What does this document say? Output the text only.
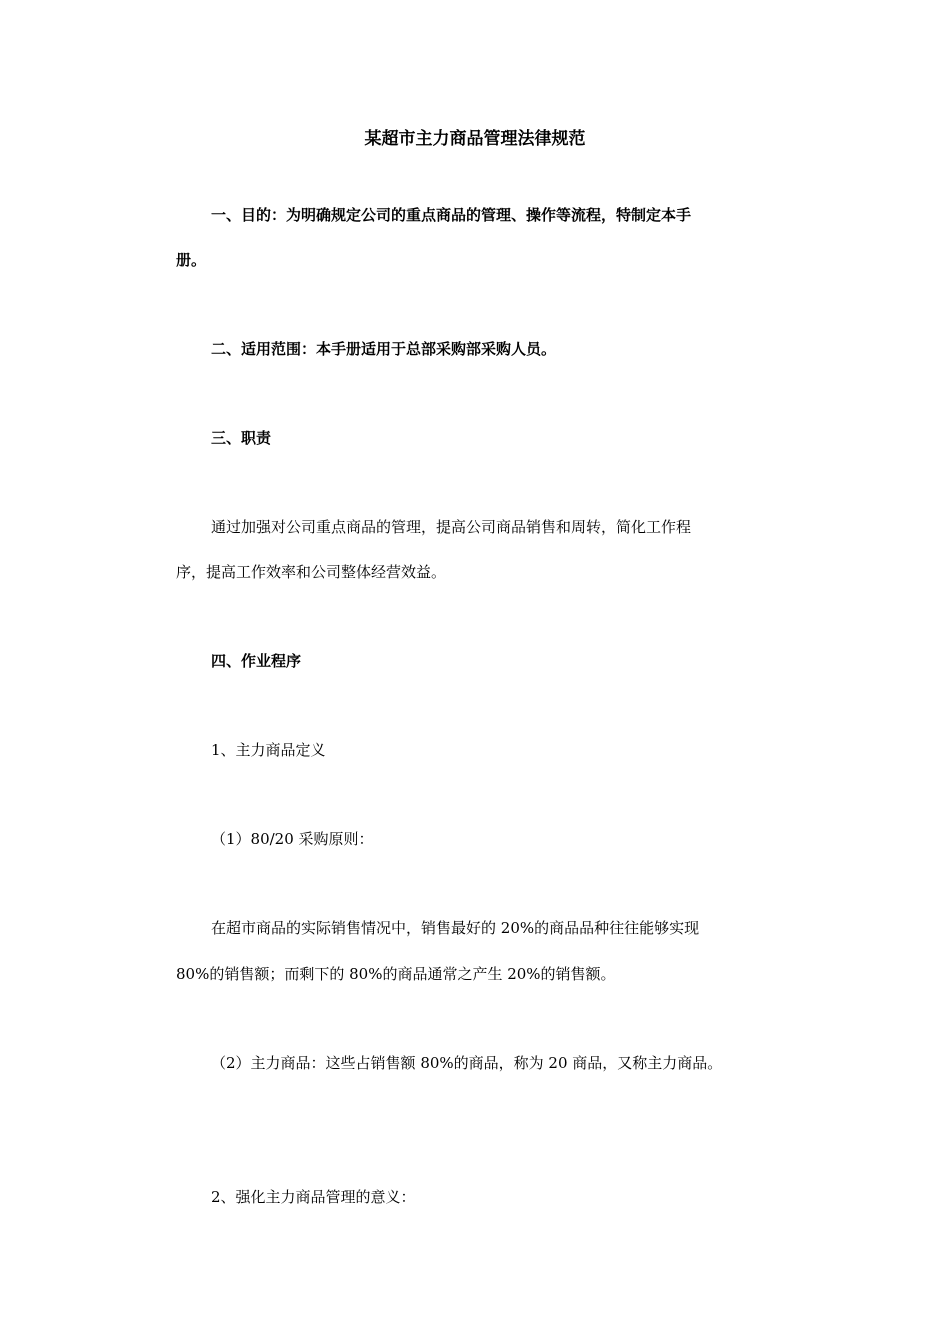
某超市主力商品管理法律规范
一、目的：为明确规定公司的重点商品的管理、操作等流程，特制定本手
册。
二、适用范围：本手册适用于总部采购部采购人员。
三、职责
通过加强对公司重点商品的管理，提高公司商品销售和周转，简化工作程
序，提高工作效率和公司整体经营效益。
四、作业程序
1、主力商品定义
（1）80/20 采购原则：
在超市商品的实际销售情况中，销售最好的 20%的商品品种往往能够实现
80%的销售额；而剩下的 80%的商品通常之产生 20%的销售额。
（2）主力商品：这些占销售额 80%的商品，称为 20 商品，又称主力商品。
2、强化主力商品管理的意义：
